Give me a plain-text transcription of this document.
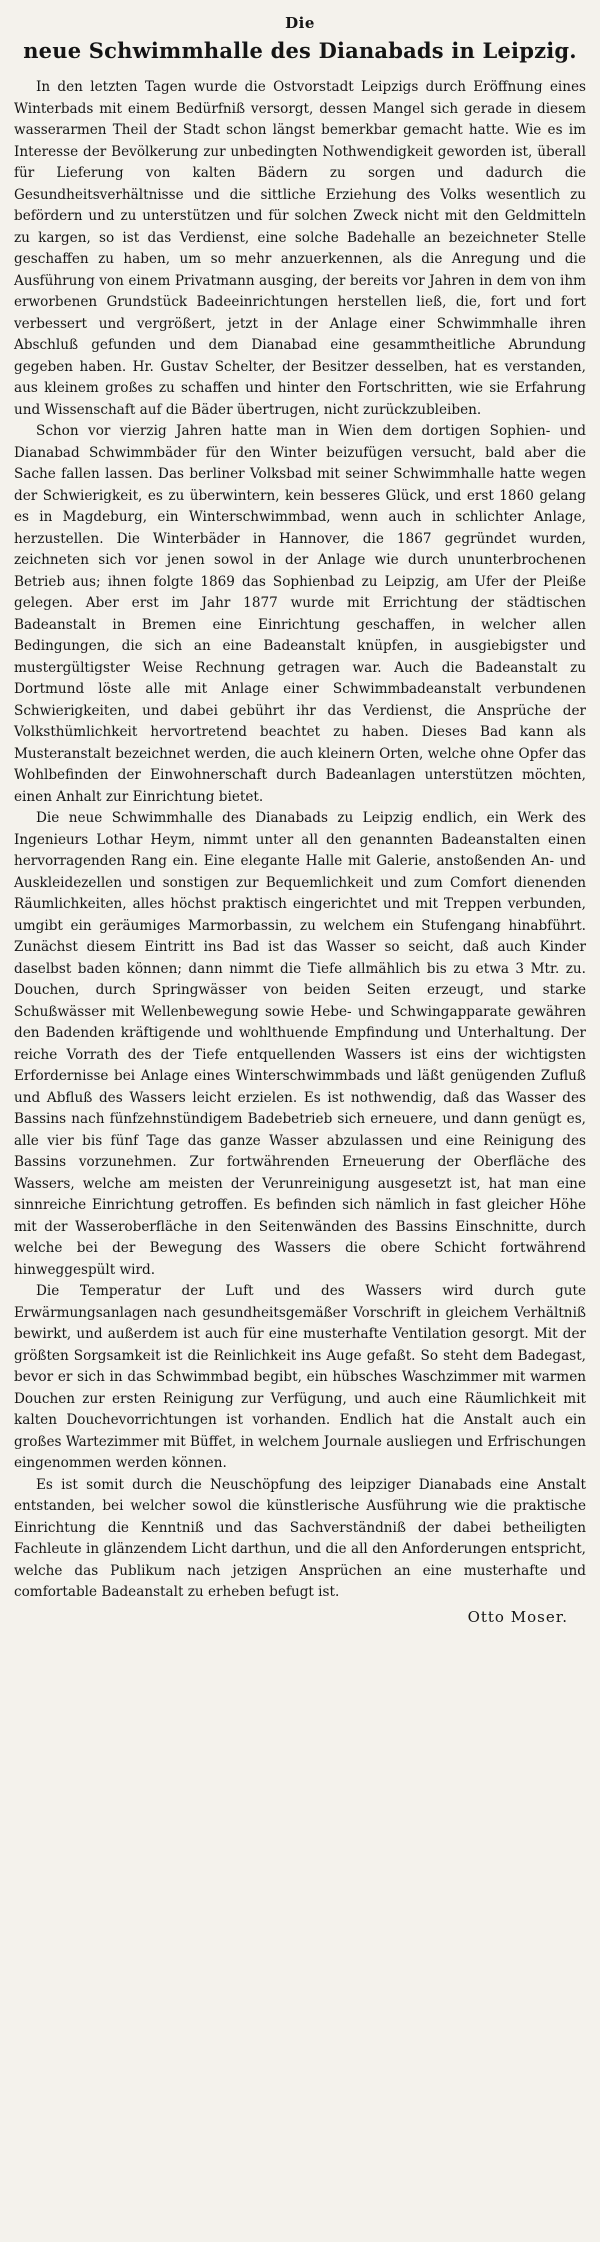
Die
neue Schwimmhalle des Dianabads in Leipzig.

In den letzten Tagen wurde die Ostvorstadt Leipzigs durch Eröffnung eines Winterbads mit einem Bedürfniß versorgt, dessen Mangel sich gerade in diesem wasserarmen Theil der Stadt schon längst bemerkbar gemacht hatte. Wie es im Interesse der Bevölkerung zur unbedingten Nothwendigkeit geworden ist, überall für Lieferung von kalten Bädern zu sorgen und dadurch die Gesundheitsverhältnisse und die sittliche Erziehung des Volks wesentlich zu befördern und zu unterstützen und für solchen Zweck nicht mit den Geldmitteln zu kargen, so ist das Verdienst, eine solche Badehalle an bezeichneter Stelle geschaffen zu haben, um so mehr anzuerkennen, als die Anregung und die Ausführung von einem Privatmann ausging, der bereits vor Jahren in dem von ihm erworbenen Grundstück Badeeinrichtungen herstellen ließ, die, fort und fort verbessert und vergrößert, jetzt in der Anlage einer Schwimmhalle ihren Abschluß gefunden und dem Dianabad eine gesammtheitliche Abrundung gegeben haben. Hr. Gustav Schelter, der Besitzer desselben, hat es verstanden, aus kleinem großes zu schaffen und hinter den Fortschritten, wie sie Erfahrung und Wissenschaft auf die Bäder übertrugen, nicht zurückzubleiben.

Schon vor vierzig Jahren hatte man in Wien dem dortigen Sophien- und Dianabad Schwimmbäder für den Winter beizufügen versucht, bald aber die Sache fallen lassen. Das berliner Volksbad mit seiner Schwimmhalle hatte wegen der Schwierigkeit, es zu überwintern, kein besseres Glück, und erst 1860 gelang es in Magdeburg, ein Winterschwimmbad, wenn auch in schlichter Anlage, herzustellen. Die Winterbäder in Hannover, die 1867 gegründet wurden, zeichneten sich vor jenen sowol in der Anlage wie durch ununterbrochenen Betrieb aus; ihnen folgte 1869 das Sophienbad zu Leipzig, am Ufer der Pleiße gelegen. Aber erst im Jahr 1877 wurde mit Errichtung der städtischen Badeanstalt in Bremen eine Einrichtung geschaffen, in welcher allen Bedingungen, die sich an eine Badeanstalt knüpfen, in ausgiebigster und mustergültigster Weise Rechnung getragen war. Auch die Badeanstalt zu Dortmund löste alle mit Anlage einer Schwimmbadeanstalt verbundenen Schwierigkeiten, und dabei gebührt ihr das Verdienst, die Ansprüche der Volksthümlichkeit hervortretend beachtet zu haben. Dieses Bad kann als Musteranstalt bezeichnet werden, die auch kleinern Orten, welche ohne Opfer das Wohlbefinden der Einwohnerschaft durch Badeanlagen unterstützen möchten, einen Anhalt zur Einrichtung bietet.

Die neue Schwimmhalle des Dianabads zu Leipzig endlich, ein Werk des Ingenieurs Lothar Heym, nimmt unter all den genannten Badeanstalten einen hervorragenden Rang ein. Eine elegante Halle mit Galerie, anstoßenden An- und Auskleidezellen und sonstigen zur Bequemlichkeit und zum Comfort dienenden Räumlichkeiten, alles höchst praktisch eingerichtet und mit Treppen verbunden, umgibt ein geräumiges Marmorbassin, zu welchem ein Stufengang hinabführt. Zunächst diesem Eintritt ins Bad ist das Wasser so seicht, daß auch Kinder daselbst baden können; dann nimmt die Tiefe allmählich bis zu etwa 3 Mtr. zu. Douchen, durch Springwässer von beiden Seiten erzeugt, und starke Schußwässer mit Wellenbewegung sowie Hebe- und Schwingapparate gewähren den Badenden kräftigende und wohlthuende Empfindung und Unterhaltung. Der reiche Vorrath des der Tiefe entquellenden Wassers ist eins der wichtigsten Erfordernisse bei Anlage eines Winterschwimmbads und läßt genügenden Zufluß und Abfluß des Wassers leicht erzielen. Es ist nothwendig, daß das Wasser des Bassins nach fünfzehnstündigem Badebetrieb sich erneuere, und dann genügt es, alle vier bis fünf Tage das ganze Wasser abzulassen und eine Reinigung des Bassins vorzunehmen. Zur fortwährenden Erneuerung der Oberfläche des Wassers, welche am meisten der Verunreinigung ausgesetzt ist, hat man eine sinnreiche Einrichtung getroffen. Es befinden sich nämlich in fast gleicher Höhe mit der Wasseroberfläche in den Seitenwänden des Bassins Einschnitte, durch welche bei der Bewegung des Wassers die obere Schicht fortwährend hinweggespült wird.

Die Temperatur der Luft und des Wassers wird durch gute Erwärmungsanlagen nach gesundheitsgemäßer Vorschrift in gleichem Verhältniß bewirkt, und außerdem ist auch für eine musterhafte Ventilation gesorgt. Mit der größten Sorgsamkeit ist die Reinlichkeit ins Auge gefaßt. So steht dem Badegast, bevor er sich in das Schwimmbad begibt, ein hübsches Waschzimmer mit warmen Douchen zur ersten Reinigung zur Verfügung, und auch eine Räumlichkeit mit kalten Douchevorrichtungen ist vorhanden. Endlich hat die Anstalt auch ein großes Wartezimmer mit Büffet, in welchem Journale ausliegen und Erfrischungen eingenommen werden können.

Es ist somit durch die Neuschöpfung des leipziger Dianabads eine Anstalt entstanden, bei welcher sowol die künstlerische Ausführung wie die praktische Einrichtung die Kenntniß und das Sachverständniß der dabei betheiligten Fachleute in glänzendem Licht darthun, und die all den Anforderungen entspricht, welche das Publikum nach jetzigen Ansprüchen an eine musterhafte und comfortable Badeanstalt zu erheben befugt ist.

Otto Moser.
